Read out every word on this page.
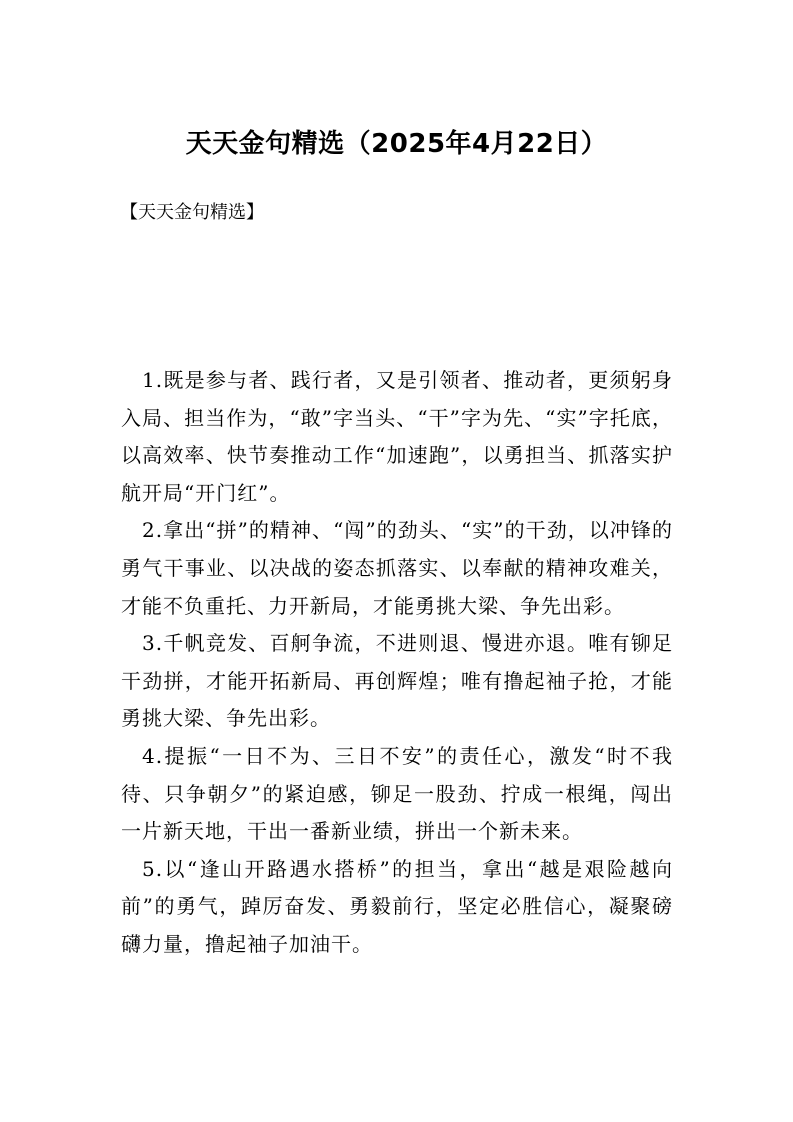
天天金句精选（2025年4月22日）
【天天金句精选】

1.既是参与者、践行者，又是引领者、推动者，更须躬身入局、担当作为，“敢”字当头、“干”字为先、“实”字托底，以高效率、快节奏推动工作“加速跑”，以勇担当、抓落实护航开局“开门红”。

2.拿出“拼”的精神、“闯”的劲头、“实”的干劲，以冲锋的勇气干事业、以决战的姿态抓落实、以奉献的精神攻难关，才能不负重托、力开新局，才能勇挑大梁、争先出彩。

3.千帆竞发、百舸争流，不进则退、慢进亦退。唯有铆足干劲拼，才能开拓新局、再创辉煌；唯有撸起袖子抢，才能勇挑大梁、争先出彩。

4.提振“一日不为、三日不安”的责任心，激发“时不我待、只争朝夕”的紧迫感，铆足一股劲、拧成一根绳，闯出一片新天地，干出一番新业绩，拼出一个新未来。

5.以“逢山开路遇水搭桥”的担当，拿出“越是艰险越向前”的勇气，踔厉奋发、勇毅前行，坚定必胜信心，凝聚磅礴力量，撸起袖子加油干。
